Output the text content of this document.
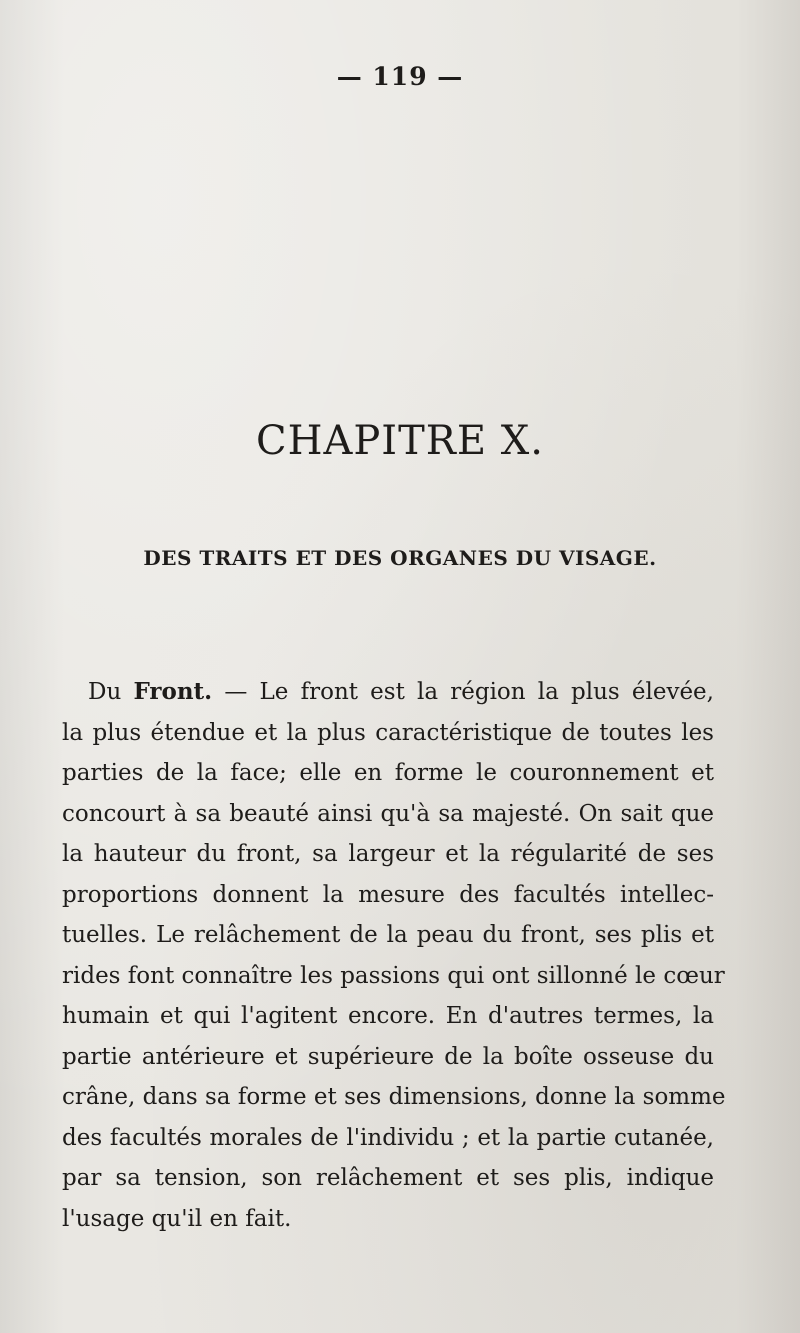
— 119 —
CHAPITRE X.
DES TRAITS ET DES ORGANES DU VISAGE.
Du Front. — Le front est la région la plus élevée,
la plus étendue et la plus caractéristique de toutes les
parties de la face; elle en forme le couronnement et
concourt à sa beauté ainsi qu'à sa majesté. On sait que
la hauteur du front, sa largeur et la régularité de ses
proportions donnent la mesure des facultés intellec-
tuelles. Le relâchement de la peau du front, ses plis et
rides font connaître les passions qui ont sillonné le cœur
humain et qui l'agitent encore. En d'autres termes, la
partie antérieure et supérieure de la boîte osseuse du
crâne, dans sa forme et ses dimensions, donne la somme
des facultés morales de l'individu ; et la partie cutanée,
par sa tension, son relâchement et ses plis, indique
l'usage qu'il en fait.
